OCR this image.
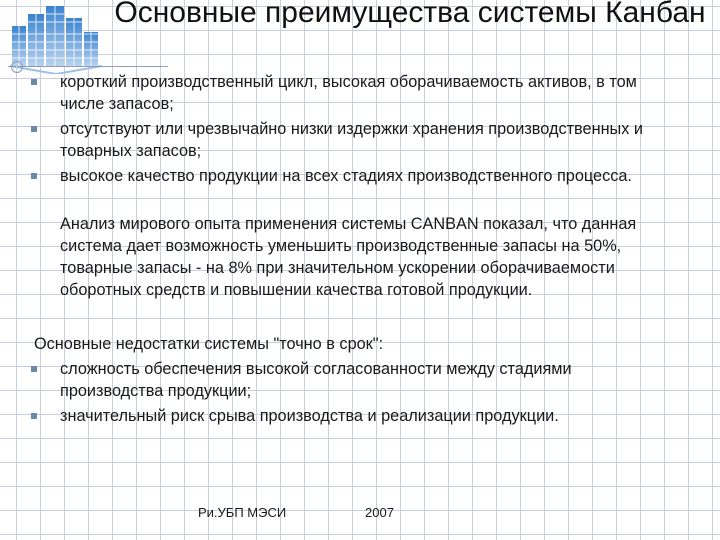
Основные преимущества системы Канбан
короткий производственный цикл, высокая оборачиваемость активов, в том
числе запасов;
отсутствуют или чрезвычайно низки издержки хранения производственных и
товарных запасов;
высокое качество продукции на всех стадиях производственного процесса.
Анализ мирового опыта применения системы CANBAN показал, что данная
система дает возможность уменьшить производственные запасы на 50%,
товарные запасы - на 8% при значительном ускорении оборачиваемости
оборотных средств и повышении качества готовой продукции.
Основные недостатки системы "точно в срок":
сложность обеспечения высокой согласованности между стадиями
производства продукции;
значительный риск срыва производства и реализации продукции.
Ри.УБП МЭСИ	2007
